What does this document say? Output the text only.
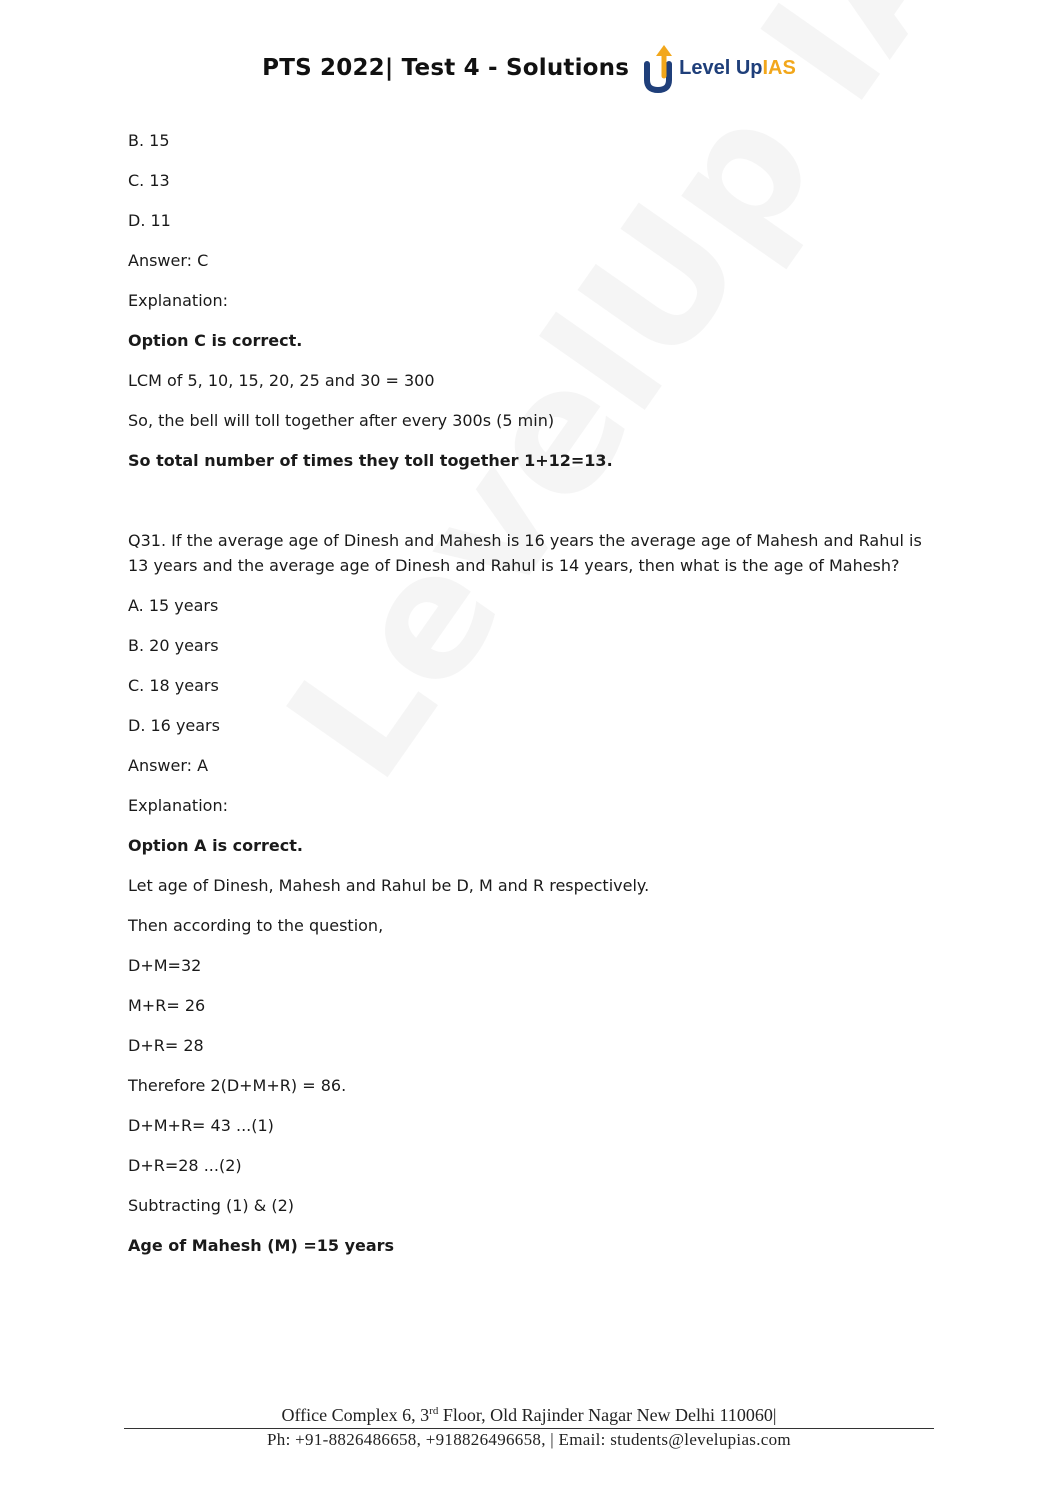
PTS 2022| Test 4 - Solutions	Level Up IAS
B. 15
C. 13
D. 11
Answer: C
Explanation:
Option C is correct.
LCM of 5, 10, 15, 20, 25 and 30 = 300
So, the bell will toll together after every 300s (5 min)
So total number of times they toll together 1+12=13.
Q31. If the average age of Dinesh and Mahesh is 16 years the average age of Mahesh and Rahul is 13 years and the average age of Dinesh and Rahul is 14 years, then what is the age of Mahesh?
A. 15 years
B. 20 years
C. 18 years
D. 16 years
Answer: A
Explanation:
Option A is correct.
Let age of Dinesh, Mahesh and Rahul be D, M and R respectively.
Then according to the question,
D+M=32
M+R= 26
D+R= 28
Therefore 2(D+M+R) = 86.
D+M+R= 43 ...(1)
D+R=28 ...(2)
Subtracting (1) & (2)
Age of Mahesh (M) =15 years
Office Complex 6, 3rd Floor, Old Rajinder Nagar New Delhi 110060|
Ph: +91-8826486658, +918826496658, | Email: students@levelupias.com
